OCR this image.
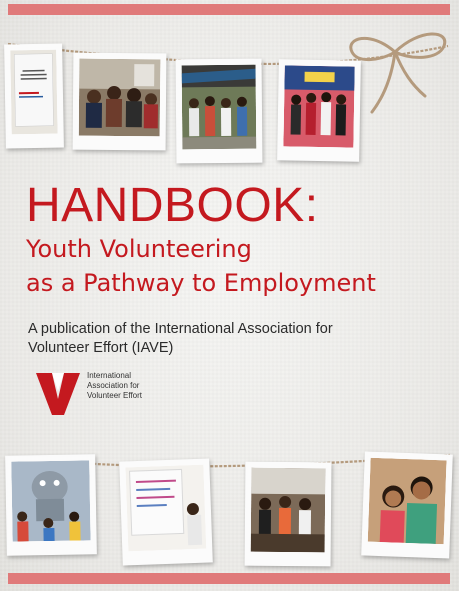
HANDBOOK:

Youth Volunteering

as a Pathway to Employment

A publication of the International Association for Volunteer Effort (IAVE)

International Association for Volunteer Effort
